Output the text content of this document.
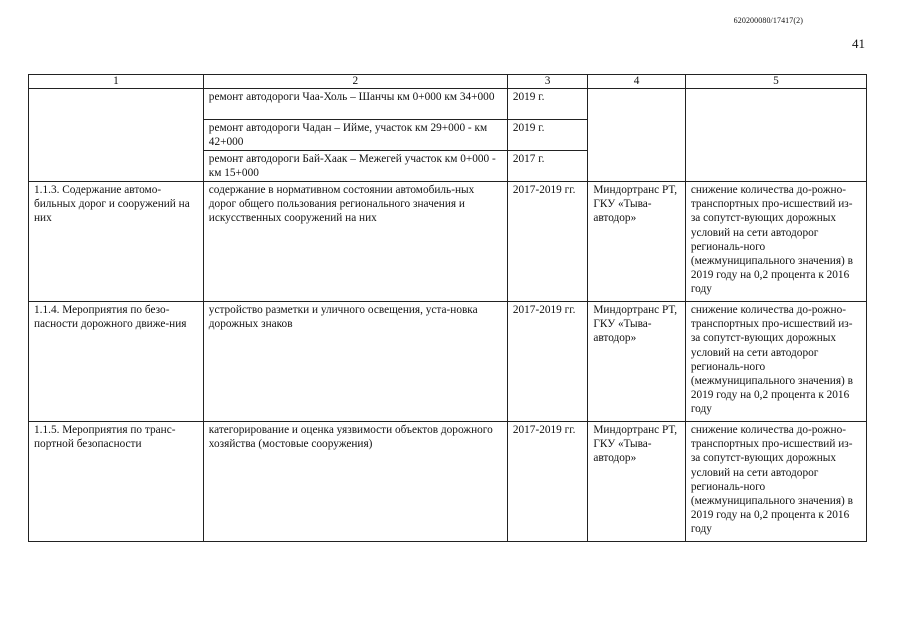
620200080/17417(2)
41
1	2	3	4	5
	ремонт автодороги Чаа-Холь – Шанчы км 0+000 км 34+000	2019 г.		
	ремонт автодороги Чадан – Ийме, участок км 29+000 - км 42+000	2019 г.		
	ремонт автодороги Бай-Хаак – Межегей участок км 0+000 - км 15+000	2017 г.		
1.1.3. Содержание автомо-бильных дорог и сооружений на них	содержание в нормативном состоянии автомобиль-ных дорог общего пользования регионального значения и искусственных сооружений на них	2017-2019 гг.	Миндортранс РТ, ГКУ «Тыва-автодор»	снижение количества до-рожно-транспортных про-исшествий из-за сопутст-вующих дорожных условий на сети автодорог региональ-ного (межмуниципального значения) в 2019 году на 0,2 процента к 2016 году
1.1.4. Мероприятия по безо-пасности дорожного движе-ния	устройство разметки и уличного освещения, уста-новка дорожных знаков	2017-2019 гг.	Миндортранс РТ, ГКУ «Тыва-автодор»	снижение количества до-рожно-транспортных про-исшествий из-за сопутст-вующих дорожных условий на сети автодорог региональ-ного (межмуниципального значения) в 2019 году на 0,2 процента к 2016 году
1.1.5. Мероприятия по транс-портной безопасности	категорирование и оценка уязвимости объектов дорожного хозяйства (мостовые сооружения)	2017-2019 гг.	Миндортранс РТ, ГКУ «Тыва-автодор»	снижение количества до-рожно-транспортных про-исшествий из-за сопутст-вующих дорожных условий на сети автодорог региональ-ного (межмуниципального значения) в 2019 году на 0,2 процента к 2016 году
